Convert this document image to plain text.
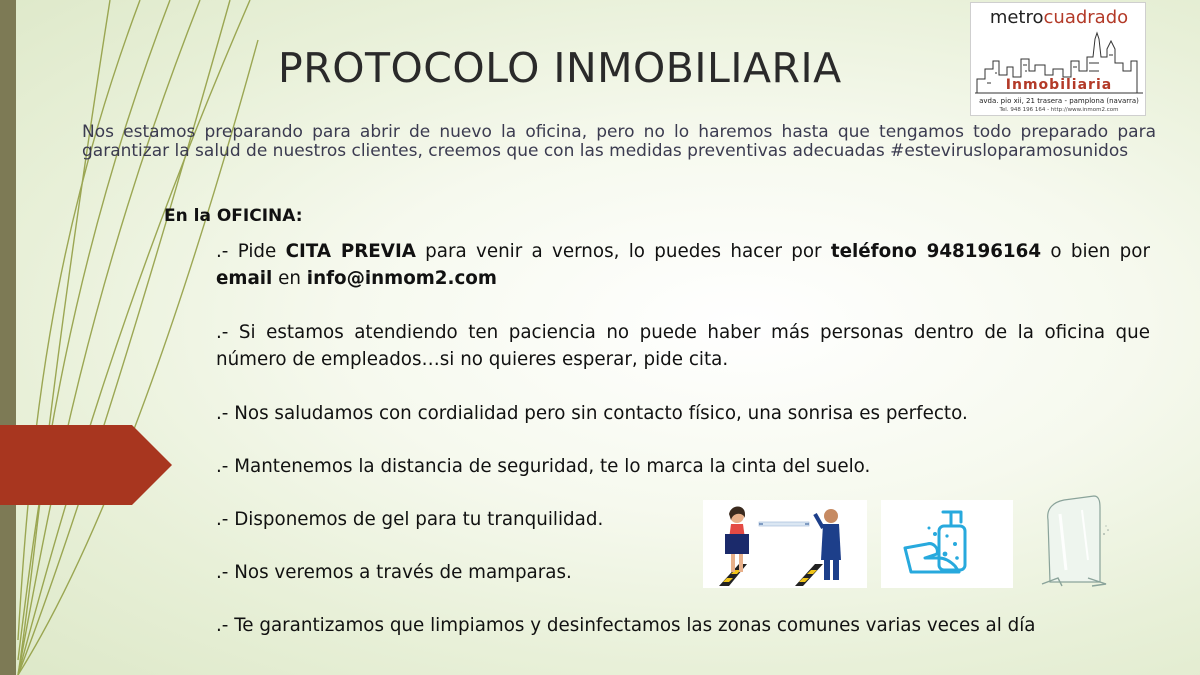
PROTOCOLO INMOBILIARIA
metrocuadrado
Inmobiliaria
avda. pio xii, 21 trasera - pamplona (navarra)
Tel. 948 196 164 - http://www.inmom2.com

Nos estamos preparando para abrir de nuevo la oficina, pero no lo haremos hasta que tengamos todo preparado para garantizar la salud de nuestros clientes, creemos que con las medidas preventivas adecuadas #estevirusloparamosunidos

En la OFICINA:

.- Pide CITA PREVIA para venir a vernos, lo puedes hacer por teléfono 948196164 o bien por email en info@inmom2.com
.- Si estamos atendiendo ten paciencia no puede haber más personas dentro de la oficina que número de empleados…si no quieres esperar, pide cita.
.- Nos saludamos con cordialidad pero sin contacto físico, una sonrisa es perfecto.
.- Mantenemos la distancia de seguridad, te lo marca la cinta del suelo.
.- Disponemos de gel para tu tranquilidad.
.- Nos veremos a través de mamparas.
.- Te garantizamos que limpiamos y desinfectamos las zonas comunes varias veces al día
